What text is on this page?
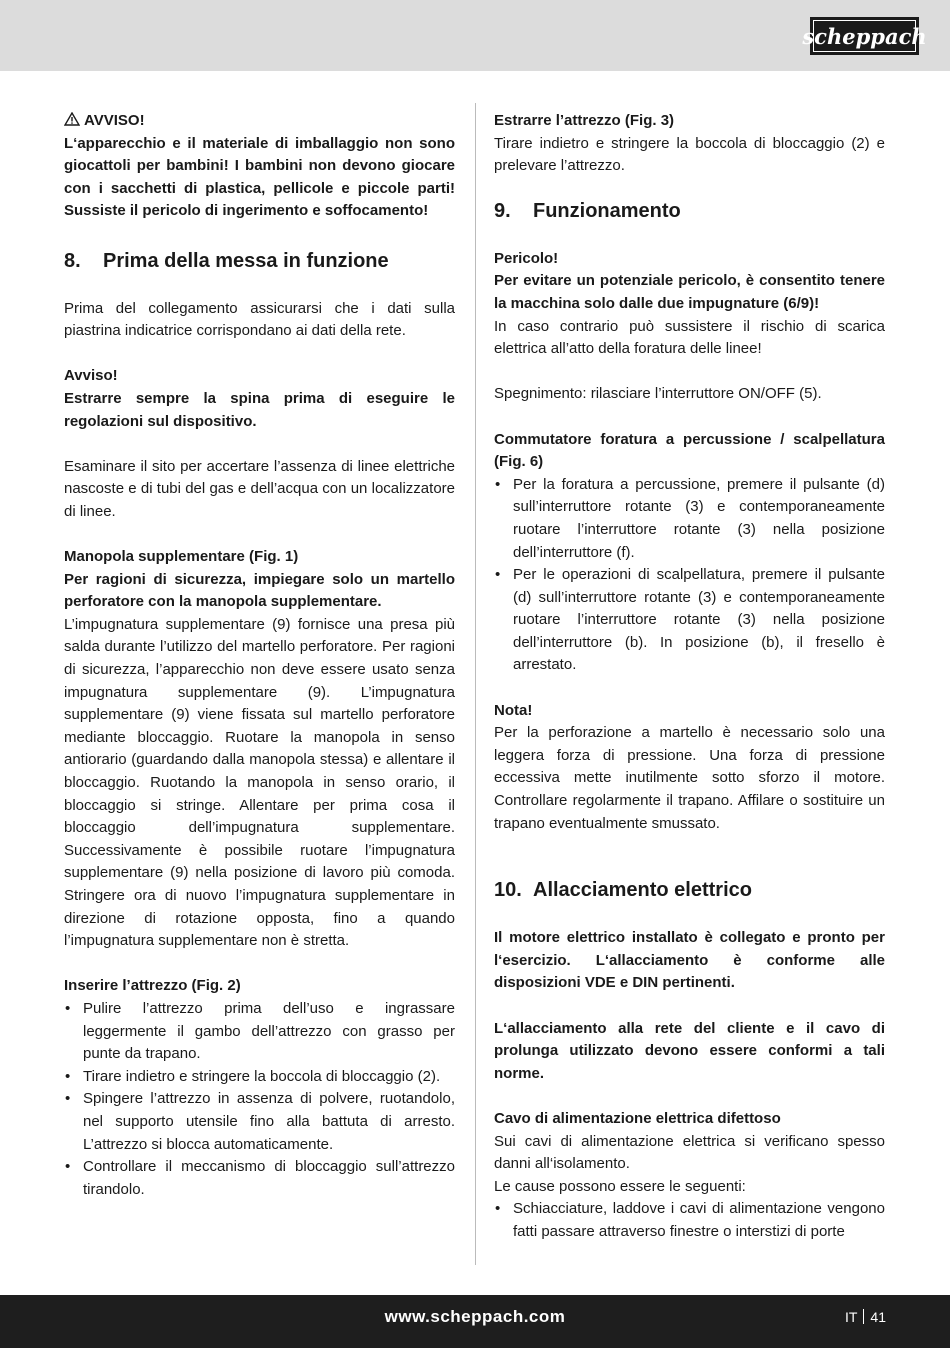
scheppach

AVVISO!

L‘apparecchio e il materiale di imballaggio non sono giocattoli per bambini! I bambini non devono giocare con i sacchetti di plastica, pellicole e piccole parti! Sussiste il pericolo di ingerimento e soffocamento!

8.	Prima della messa in funzione

Prima del collegamento assicurarsi che i dati sulla piastrina indicatrice corrispondano ai dati della rete.

Avviso!

Estrarre sempre la spina prima di eseguire le regolazioni sul dispositivo.

Esaminare il sito per accertare l’assenza di linee elettriche nascoste e di tubi del gas e dell’acqua con un localizzatore di linee.

Manopola supplementare (Fig. 1)

Per ragioni di sicurezza, impiegare solo un martello perforatore con la manopola supplementare.

L’impugnatura supplementare (9) fornisce una presa più salda durante l’utilizzo del martello perforatore. Per ragioni di sicurezza, l’apparecchio non deve essere usato senza impugnatura supplementare (9). L’impugnatura supplementare (9) viene fissata sul martello perforatore mediante bloccaggio. Ruotare la manopola in senso antiorario (guardando dalla manopola stessa) e allentare il bloccaggio. Ruotando la manopola in senso orario, il bloccaggio si stringe. Allentare per prima cosa il bloccaggio dell’impugnatura supplementare. Successivamente è possibile ruotare l’impugnatura supplementare (9) nella posizione di lavoro più comoda. Stringere ora di nuovo l’impugnatura supplementare in direzione di rotazione opposta, fino a quando l’impugnatura supplementare non è stretta.

Inserire l’attrezzo (Fig. 2)

• Pulire l’attrezzo prima dell’uso e ingrassare leggermente il gambo dell’attrezzo con grasso per punte da trapano.
• Tirare indietro e stringere la boccola di bloccaggio (2).
• Spingere l’attrezzo in assenza di polvere, ruotandolo, nel supporto utensile fino alla battuta di arresto. L’attrezzo si blocca automaticamente.
• Controllare il meccanismo di bloccaggio sull’attrezzo tirandolo.

Estrarre l’attrezzo (Fig. 3)

Tirare indietro e stringere la boccola di bloccaggio (2) e prelevare l’attrezzo.

9.	Funzionamento

Pericolo!

Per evitare un potenziale pericolo, è consentito tenere la macchina solo dalle due impugnature (6/9)!

In caso contrario può sussistere il rischio di scarica elettrica all’atto della foratura delle linee!

Spegnimento: rilasciare l’interruttore ON/OFF (5).

Commutatore foratura a percussione / scalpellatura (Fig. 6)

• Per la foratura a percussione, premere il pulsante (d) sull’interruttore rotante (3) e contemporaneamente ruotare l’interruttore rotante (3) nella posizione dell’interruttore (f).
• Per le operazioni di scalpellatura, premere il pulsante (d) sull’interruttore rotante (3) e contemporaneamente ruotare l’interruttore rotante (3) nella posizione dell’interruttore (b). In posizione (b), il fresello è arrestato.

Nota!

Per la perforazione a martello è necessario solo una leggera forza di pressione. Una forza di pressione eccessiva mette inutilmente sotto sforzo il motore. Controllare regolarmente il trapano. Affilare o sostituire un trapano eventualmente smussato.

10. Allacciamento elettrico

Il motore elettrico installato è collegato e pronto per l‘esercizio. L‘allacciamento è conforme alle disposizioni VDE e DIN pertinenti.

L‘allacciamento alla rete del cliente e il cavo di prolunga utilizzato devono essere conformi a tali norme.

Cavo di alimentazione elettrica difettoso

Sui cavi di alimentazione elettrica si verificano spesso danni all‘isolamento.

Le cause possono essere le seguenti:

• Schiacciature, laddove i cavi di alimentazione vengono fatti passare attraverso finestre o interstizi di porte
www.scheppach.com	IT 41
